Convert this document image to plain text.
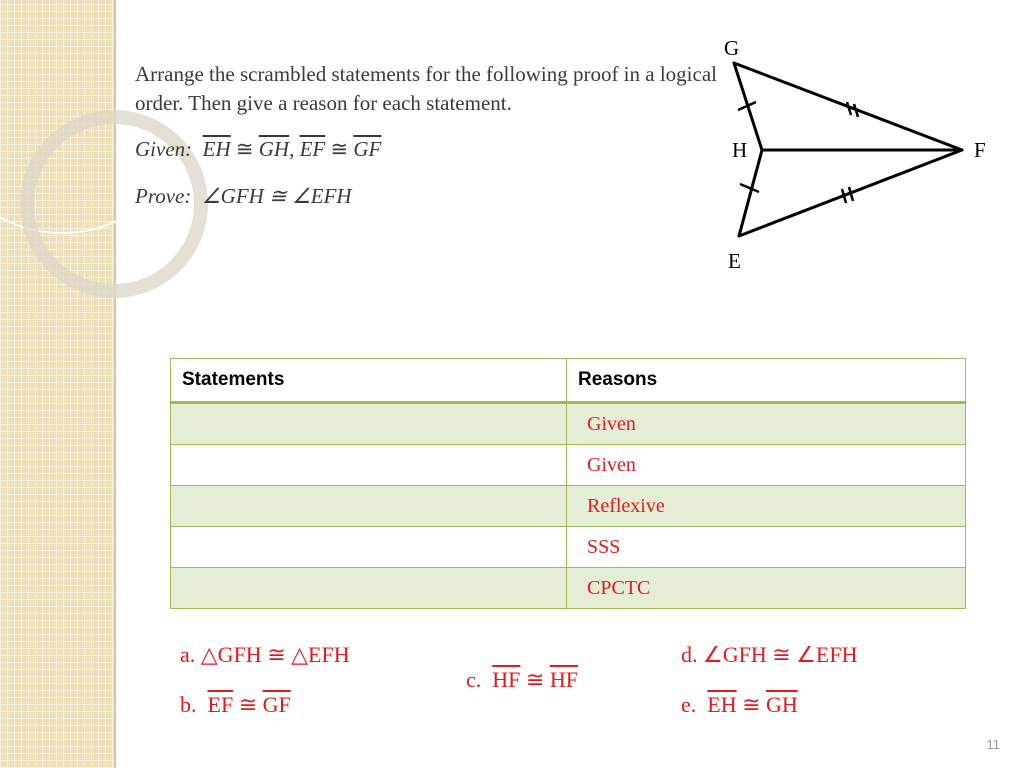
Arrange the scrambled statements for the following proof in a logical order. Then give a reason for each statement.
Given: $\overline{EH}$ ≅ $\overline{GH}$, $\overline{EF}$ ≅ $\overline{GF}$
Prove: ∠GFH ≅ ∠EFH
G
H	F
E
Statements	Reasons
	Given
	Given
	Reflexive
	SSS
	CPCTC
a. △GFH ≅ △EFH
b.  $\overline{EF}$ ≅ $\overline{GF}$
c.  $\overline{HF}$ ≅ $\overline{HF}$
d. ∠GFH ≅ ∠EFH
e.  $\overline{EH}$ ≅ $\overline{GH}$
11
